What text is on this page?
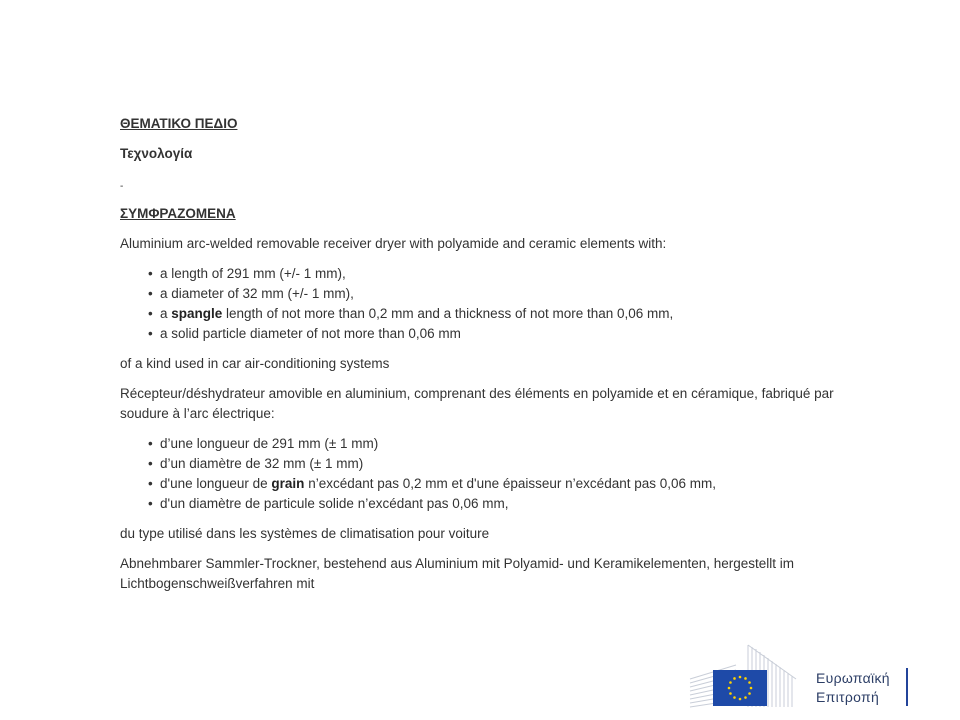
ΘΕΜΑΤΙΚΟ ΠΕΔΙΟ

Τεχνολογία

-

ΣΥΜΦΡΑΖΟΜΕΝΑ

Aluminium arc-welded removable receiver dryer with polyamide and ceramic elements with:

• a length of 291 mm (+/- 1 mm),
• a diameter of 32 mm (+/- 1 mm),
• a spangle length of not more than 0,2 mm and a thickness of not more than 0,06 mm,
• a solid particle diameter of not more than 0,06 mm

of a kind used in car air-conditioning systems

Récepteur/déshydrateur amovible en aluminium, comprenant des éléments en polyamide et en céramique, fabriqué par soudure à l’arc électrique:

• d’une longueur de 291 mm (± 1 mm)
• d’un diamètre de 32 mm (± 1 mm)
• d'une longueur de grain n’excédant pas 0,2 mm et d'une épaisseur n’excédant pas 0,06 mm,
• d'un diamètre de particule solide n’excédant pas 0,06 mm,

du type utilisé dans les systèmes de climatisation pour voiture

Abnehmbarer Sammler-Trockner, bestehend aus Aluminium mit Polyamid- und Keramikelementen, hergestellt im Lichtbogenschweißverfahren mit

Ευρωπαϊκή
Επιτροπή
